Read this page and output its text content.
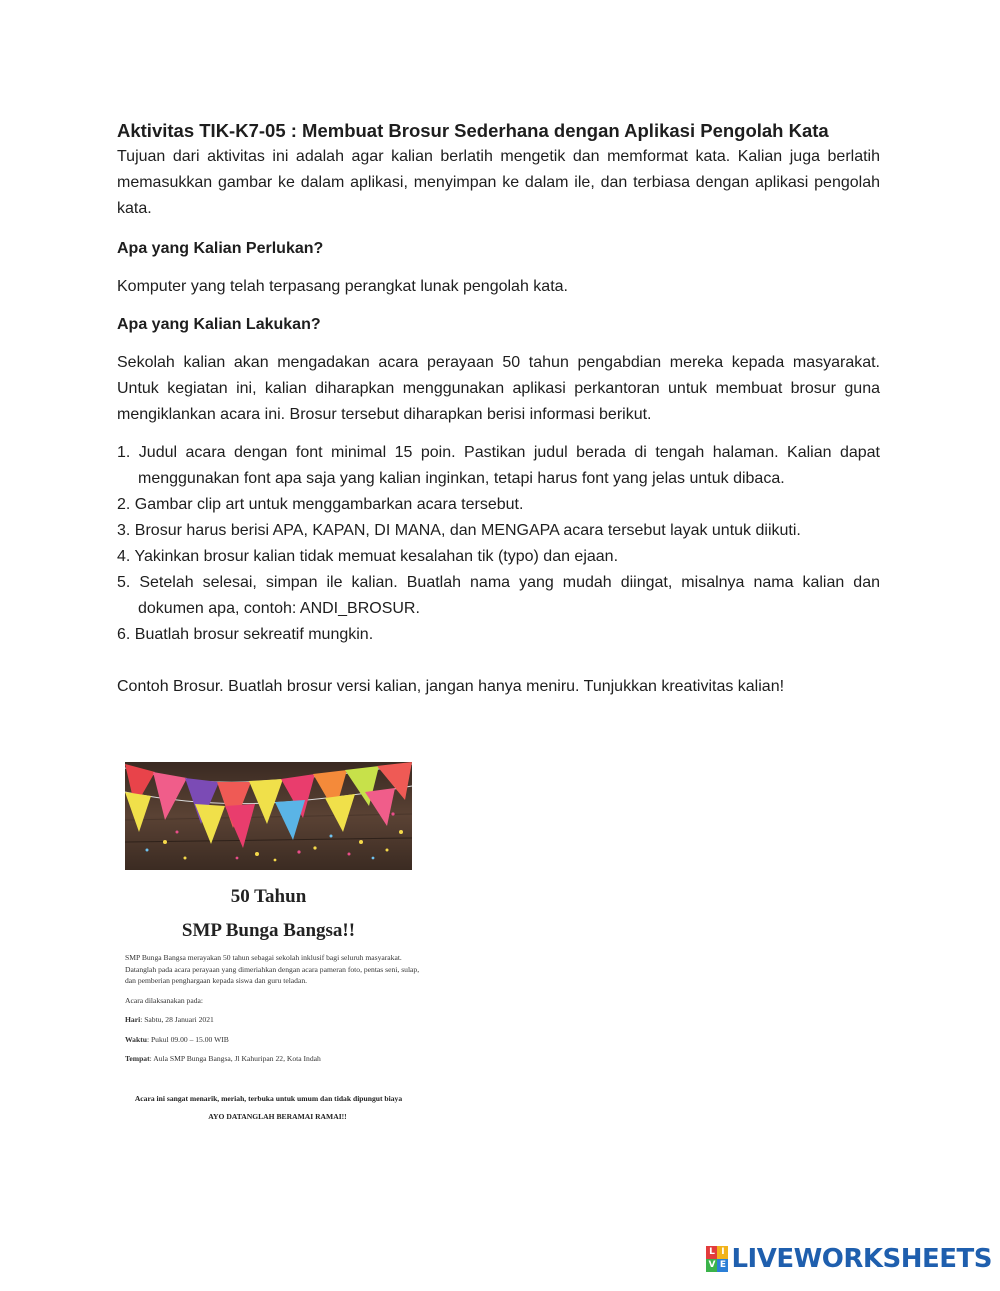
Aktivitas TIK-K7-05 : Membuat Brosur Sederhana dengan Aplikasi Pengolah Kata

Tujuan dari aktivitas ini adalah agar kalian berlatih mengetik dan memformat kata. Kalian juga berlatih memasukkan gambar ke dalam aplikasi, menyimpan ke dalam ile, dan terbiasa dengan aplikasi pengolah kata.

Apa yang Kalian Perlukan?

Komputer yang telah terpasang perangkat lunak pengolah kata.

Apa yang Kalian Lakukan?

Sekolah kalian akan mengadakan acara perayaan 50 tahun pengabdian mereka kepada masyarakat. Untuk kegiatan ini, kalian diharapkan menggunakan aplikasi perkantoran untuk membuat brosur guna mengiklankan acara ini. Brosur tersebut diharapkan berisi informasi berikut.

1. Judul acara dengan font minimal 15 poin. Pastikan judul berada di tengah halaman. Kalian dapat menggunakan font apa saja yang kalian inginkan, tetapi harus font yang jelas untuk dibaca.
2. Gambar clip art untuk menggambarkan acara tersebut.
3. Brosur harus berisi APA, KAPAN, DI MANA, dan MENGAPA acara tersebut layak untuk diikuti.
4. Yakinkan brosur kalian tidak memuat kesalahan tik (typo) dan ejaan.
5. Setelah selesai, simpan ile kalian. Buatlah nama yang mudah diingat, misalnya nama kalian dan dokumen apa, contoh: ANDI_BROSUR.
6. Buatlah brosur sekreatif mungkin.

Contoh Brosur. Buatlah brosur versi kalian, jangan hanya meniru. Tunjukkan kreativitas kalian!

50 Tahun
SMP Bunga Bangsa!!
SMP Bunga Bangsa merayakan 50 tahun sebagai sekolah inklusif bagi seluruh masyarakat. Datanglah pada acara perayaan yang dimeriahkan dengan acara pameran foto, pentas seni, sulap, dan pemberian penghargaan kepada siswa dan guru teladan.
Acara dilaksanakan pada:
Hari: Sabtu, 28 Januari 2021
Waktu: Pukul 09.00 – 15.00 WIB
Tempat: Aula SMP Bunga Bangsa, Jl Kahuripan 22, Kota Indah
Acara ini sangat menarik, meriah, terbuka untuk umum dan tidak dipungut biaya
AYO DATANGLAH BERAMAI RAMAI!!
L I
V E LIVEWORKSHEETS
